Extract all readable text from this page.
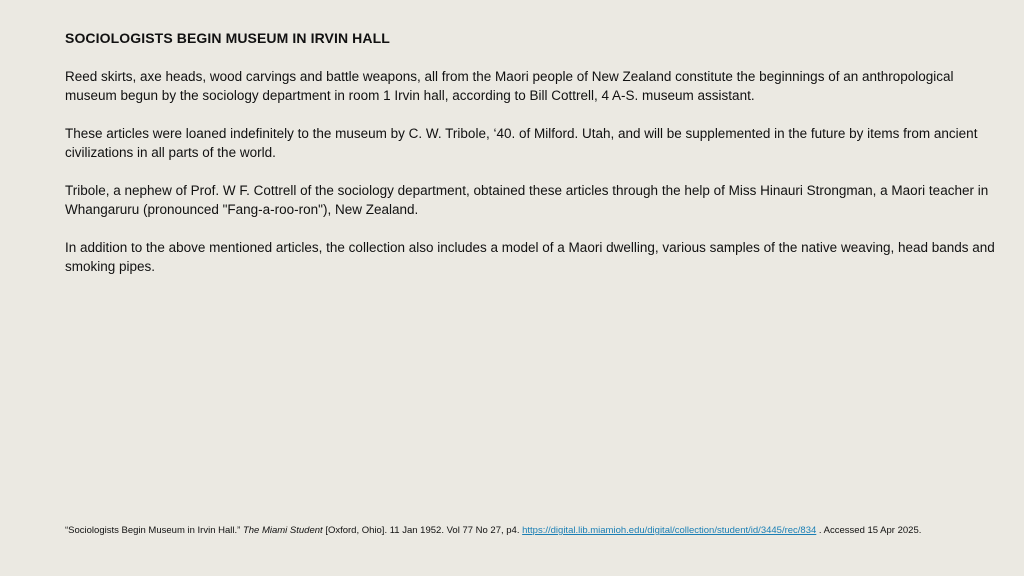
SOCIOLOGISTS BEGIN MUSEUM IN IRVIN HALL

Reed skirts, axe heads, wood carvings and battle weapons, all from the Maori people of New Zealand constitute the beginnings of an anthropological museum begun by the sociology department in room 1 Irvin hall, according to Bill Cottrell, 4 A-S. museum assistant.

These articles were loaned indefinitely to the museum by C. W. Tribole, ‘40. of Milford. Utah, and will be supplemented in the future by items from ancient civilizations in all parts of the world.

Tribole, a nephew of Prof. W F. Cottrell of the sociology department, obtained these articles through the help of Miss Hinauri Strongman, a Maori teacher in Whangaruru (pronounced "Fang-a-roo-ron"), New Zealand.

In addition to the above mentioned articles, the collection also includes a model of a Maori dwelling, various samples of the native weaving, head bands and smoking pipes.

“Sociologists Begin Museum in Irvin Hall.” The Miami Student [Oxford, Ohio]. 11 Jan 1952. Vol 77 No 27, p4. https://digital.lib.miamioh.edu/digital/collection/student/id/3445/rec/834 . Accessed 15 Apr 2025.
